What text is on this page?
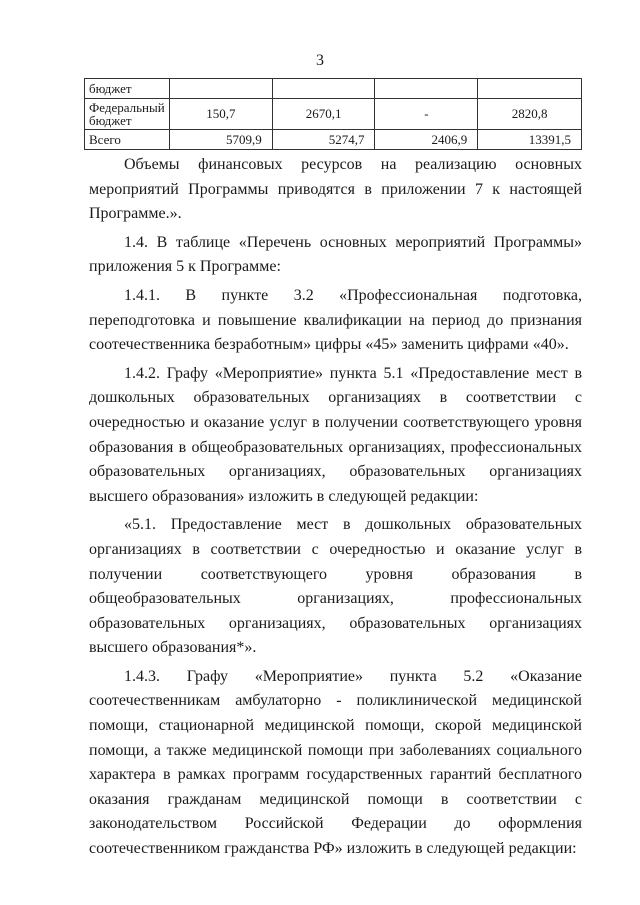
3
бюджет				
Федеральный бюджет	150,7	2670,1	-	2820,8
Всего	5709,9	5274,7	2406,9	13391,5

Объемы финансовых ресурсов на реализацию основных мероприятий Программы приводятся в приложении 7 к настоящей Программе.».

1.4. В таблице «Перечень основных мероприятий Программы» приложения 5 к Программе:

1.4.1. В пункте 3.2 «Профессиональная подготовка, переподготовка и повышение квалификации на период до признания соотечественника безработным» цифры «45» заменить цифрами «40».

1.4.2. Графу «Мероприятие» пункта 5.1 «Предоставление мест в дошкольных образовательных организациях в соответствии с очередностью и оказание услуг в получении соответствующего уровня образования в общеобразовательных организациях, профессиональных образовательных организациях, образовательных организациях высшего образования» изложить в следующей редакции:

«5.1. Предоставление мест в дошкольных образовательных организациях в соответствии с очередностью и оказание услуг в получении соответствующего уровня образования в общеобразовательных организациях, профессиональных образовательных организациях, образовательных организациях высшего образования*».

1.4.3. Графу «Мероприятие» пункта 5.2 «Оказание соотечественникам амбулаторно - поликлинической медицинской помощи, стационарной медицинской помощи, скорой медицинской помощи, а также медицинской помощи при заболеваниях социального характера в рамках программ государственных гарантий бесплатного оказания гражданам медицинской помощи в соответствии с законодательством Российской Федерации до оформления соотечественником гражданства РФ» изложить в следующей редакции:
